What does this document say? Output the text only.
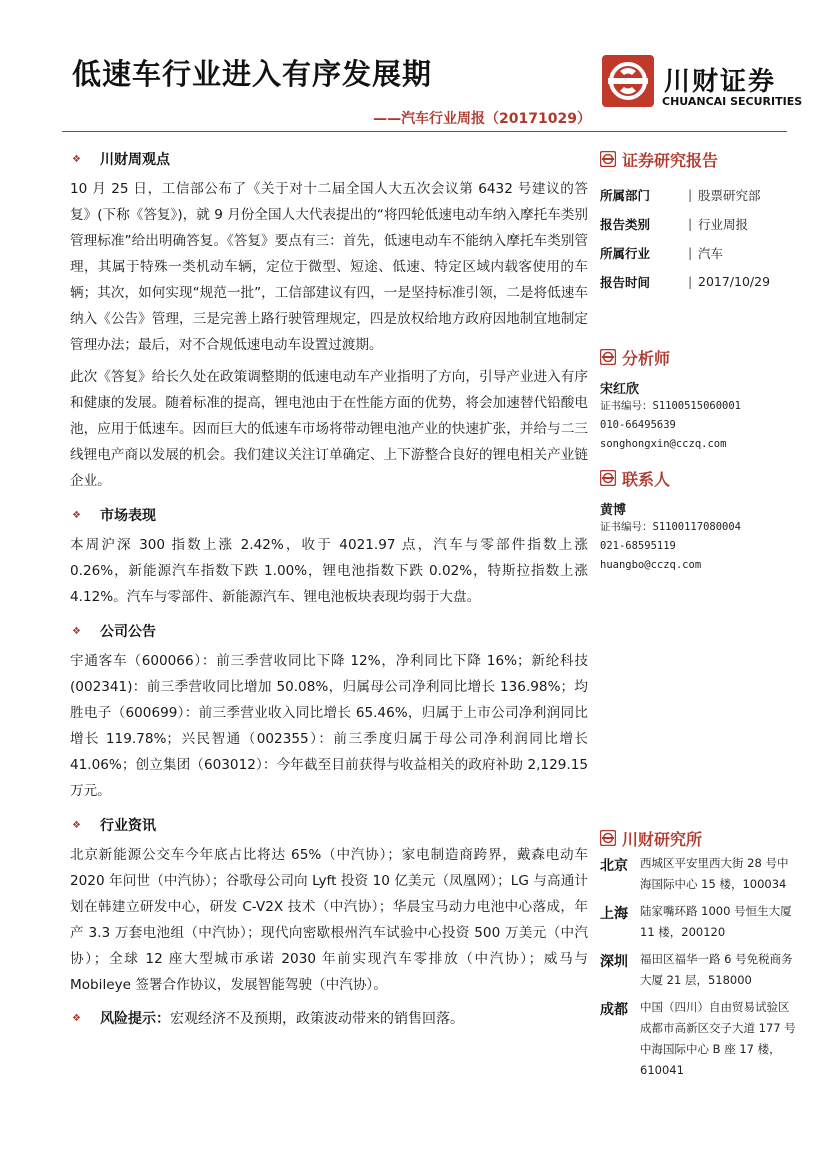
低速车行业进入有序发展期
——汽车行业周报（20171029）
川财证券
CHUANCAI SECURITIES
❖	川财周观点

10 月 25 日，工信部公布了《关于对十二届全国人大五次会议第 6432 号建议的答复》(下称《答复》)，就 9 月份全国人大代表提出的“将四轮低速电动车纳入摩托车类别管理标准”给出明确答复。《答复》要点有三：首先，低速电动车不能纳入摩托车类别管理，其属于特殊一类机动车辆，定位于微型、短途、低速、特定区域内载客使用的车辆；其次，如何实现“规范一批”，工信部建议有四，一是坚持标准引领，二是将低速车纳入《公告》管理，三是完善上路行驶管理规定，四是放权给地方政府因地制宜地制定管理办法；最后，对不合规低速电动车设置过渡期。

此次《答复》给长久处在政策调整期的低速电动车产业指明了方向，引导产业进入有序和健康的发展。随着标准的提高，锂电池由于在性能方面的优势，将会加速替代铅酸电池，应用于低速车。因而巨大的低速车市场将带动锂电池产业的快速扩张，并给与二三线锂电产商以发展的机会。我们建议关注订单确定、上下游整合良好的锂电相关产业链企业。

❖	市场表现

本周沪深 300 指数上涨 2.42%，收于 4021.97 点，汽车与零部件指数上涨 0.26%，新能源汽车指数下跌 1.00%，锂电池指数下跌 0.02%，特斯拉指数上涨 4.12%。汽车与零部件、新能源汽车、锂电池板块表现均弱于大盘。

❖	公司公告

宇通客车（600066）：前三季营收同比下降 12%，净利同比下降 16%；新纶科技(002341)：前三季营收同比增加 50.08%，归属母公司净利同比增长 136.98%；均胜电子（600699）：前三季营业收入同比增长 65.46%，归属于上市公司净利润同比增长 119.78%；兴民智通（002355）：前三季度归属于母公司净利润同比增长 41.06%；创立集团（603012）：今年截至目前获得与收益相关的政府补助 2,129.15 万元。

❖	行业资讯

北京新能源公交车今年底占比将达 65%（中汽协）；家电制造商跨界，戴森电动车 2020 年问世（中汽协）；谷歌母公司向 Lyft 投资 10 亿美元（凤凰网）；LG 与高通计划在韩建立研发中心，研发 C-V2X 技术（中汽协）；华晨宝马动力电池中心落成，年产 3.3 万套电池组（中汽协）；现代向密歇根州汽车试验中心投资 500 万美元（中汽协）；全球 12 座大型城市承诺 2030 年前实现汽车零排放（中汽协）；威马与 Mobileye 签署合作协议，发展智能驾驶（中汽协）。

❖	风险提示： 宏观经济不及预期，政策波动带来的销售回落。
证券研究报告
所属部门	| 股票研究部
报告类别	| 行业周报
所属行业	| 汽车
报告时间	| 2017/10/29
分析师
宋红欣
证书编号：S1100515060001
010-66495639
songhongxin@cczq.com
联系人
黄博
证书编号：S1100117080004
021-68595119
huangbo@cczq.com
川财研究所
北京	西城区平安里西大街 28 号中海国际中心 15 楼，100034
上海	陆家嘴环路 1000 号恒生大厦 11 楼，200120
深圳	福田区福华一路 6 号免税商务大厦 21 层，518000
成都	中国（四川）自由贸易试验区成都市高新区交子大道 177 号中海国际中心 B 座 17 楼，610041
